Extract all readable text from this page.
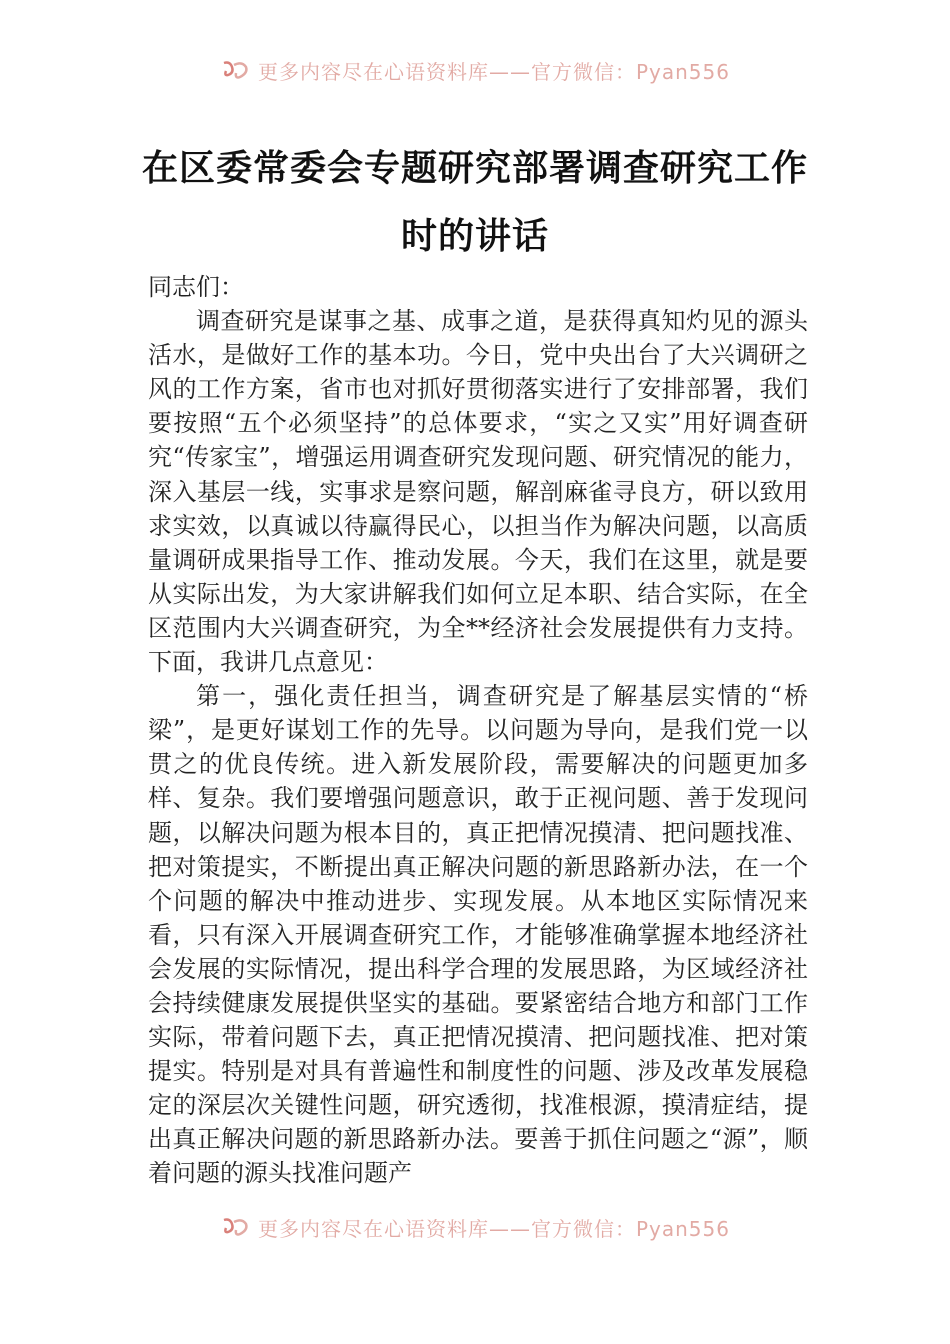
更多内容尽在心语资料库——官方微信：Pyan556
在区委常委会专题研究部署调查研究工作
时的讲话

同志们：

调查研究是谋事之基、成事之道，是获得真知灼见的源头活水，是做好工作的基本功。今日，党中央出台了大兴调研之风的工作方案，省市也对抓好贯彻落实进行了安排部署，我们要按照“五个必须坚持”的总体要求，“实之又实”用好调查研究“传家宝”，增强运用调查研究发现问题、研究情况的能力，深入基层一线，实事求是察问题，解剖麻雀寻良方，研以致用求实效，以真诚以待赢得民心，以担当作为解决问题，以高质量调研成果指导工作、推动发展。今天，我们在这里，就是要从实际出发，为大家讲解我们如何立足本职、结合实际，在全区范围内大兴调查研究，为全**经济社会发展提供有力支持。下面，我讲几点意见：

第一，强化责任担当，调查研究是了解基层实情的“桥梁”，是更好谋划工作的先导。以问题为导向，是我们党一以贯之的优良传统。进入新发展阶段，需要解决的问题更加多样、复杂。我们要增强问题意识，敢于正视问题、善于发现问题，以解决问题为根本目的，真正把情况摸清、把问题找准、把对策提实，不断提出真正解决问题的新思路新办法，在一个个问题的解决中推动进步、实现发展。从本地区实际情况来看，只有深入开展调查研究工作，才能够准确掌握本地经济社会发展的实际情况，提出科学合理的发展思路，为区域经济社会持续健康发展提供坚实的基础。要紧密结合地方和部门工作实际，带着问题下去，真正把情况摸清、把问题找准、把对策提实。特别是对具有普遍性和制度性的问题、涉及改革发展稳定的深层次关键性问题，研究透彻，找准根源，摸清症结，提出真正解决问题的新思路新办法。要善于抓住问题之“源”，顺着问题的源头找准问题产

更多内容尽在心语资料库——官方微信：Pyan556
